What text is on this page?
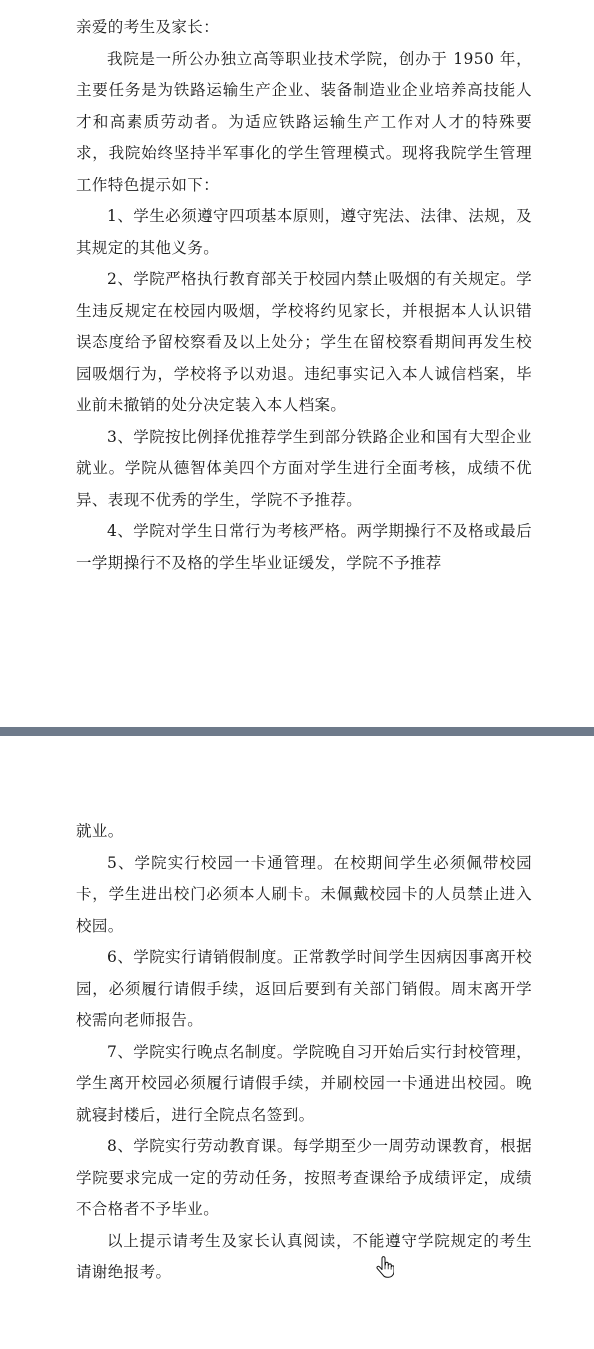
亲爱的考生及家长：

我院是一所公办独立高等职业技术学院，创办于 1950 年，主要任务是为铁路运输生产企业、装备制造业企业培养高技能人才和高素质劳动者。为适应铁路运输生产工作对人才的特殊要求，我院始终坚持半军事化的学生管理模式。现将我院学生管理工作特色提示如下：

1、学生必须遵守四项基本原则，遵守宪法、法律、法规，及其规定的其他义务。

2、学院严格执行教育部关于校园内禁止吸烟的有关规定。学生违反规定在校园内吸烟，学校将约见家长，并根据本人认识错误态度给予留校察看及以上处分；学生在留校察看期间再发生校园吸烟行为，学校将予以劝退。违纪事实记入本人诚信档案，毕业前未撤销的处分决定装入本人档案。

3、学院按比例择优推荐学生到部分铁路企业和国有大型企业就业。学院从德智体美四个方面对学生进行全面考核，成绩不优异、表现不优秀的学生，学院不予推荐。

4、学院对学生日常行为考核严格。两学期操行不及格或最后一学期操行不及格的学生毕业证缓发，学院不予推荐

就业。

5、学院实行校园一卡通管理。在校期间学生必须佩带校园卡，学生进出校门必须本人刷卡。未佩戴校园卡的人员禁止进入校园。

6、学院实行请销假制度。正常教学时间学生因病因事离开校园，必须履行请假手续，返回后要到有关部门销假。周末离开学校需向老师报告。

7、学院实行晚点名制度。学院晚自习开始后实行封校管理，学生离开校园必须履行请假手续，并刷校园一卡通进出校园。晚就寝封楼后，进行全院点名签到。

8、学院实行劳动教育课。每学期至少一周劳动课教育，根据学院要求完成一定的劳动任务，按照考查课给予成绩评定，成绩不合格者不予毕业。

以上提示请考生及家长认真阅读，不能遵守学院规定的考生请谢绝报考。
